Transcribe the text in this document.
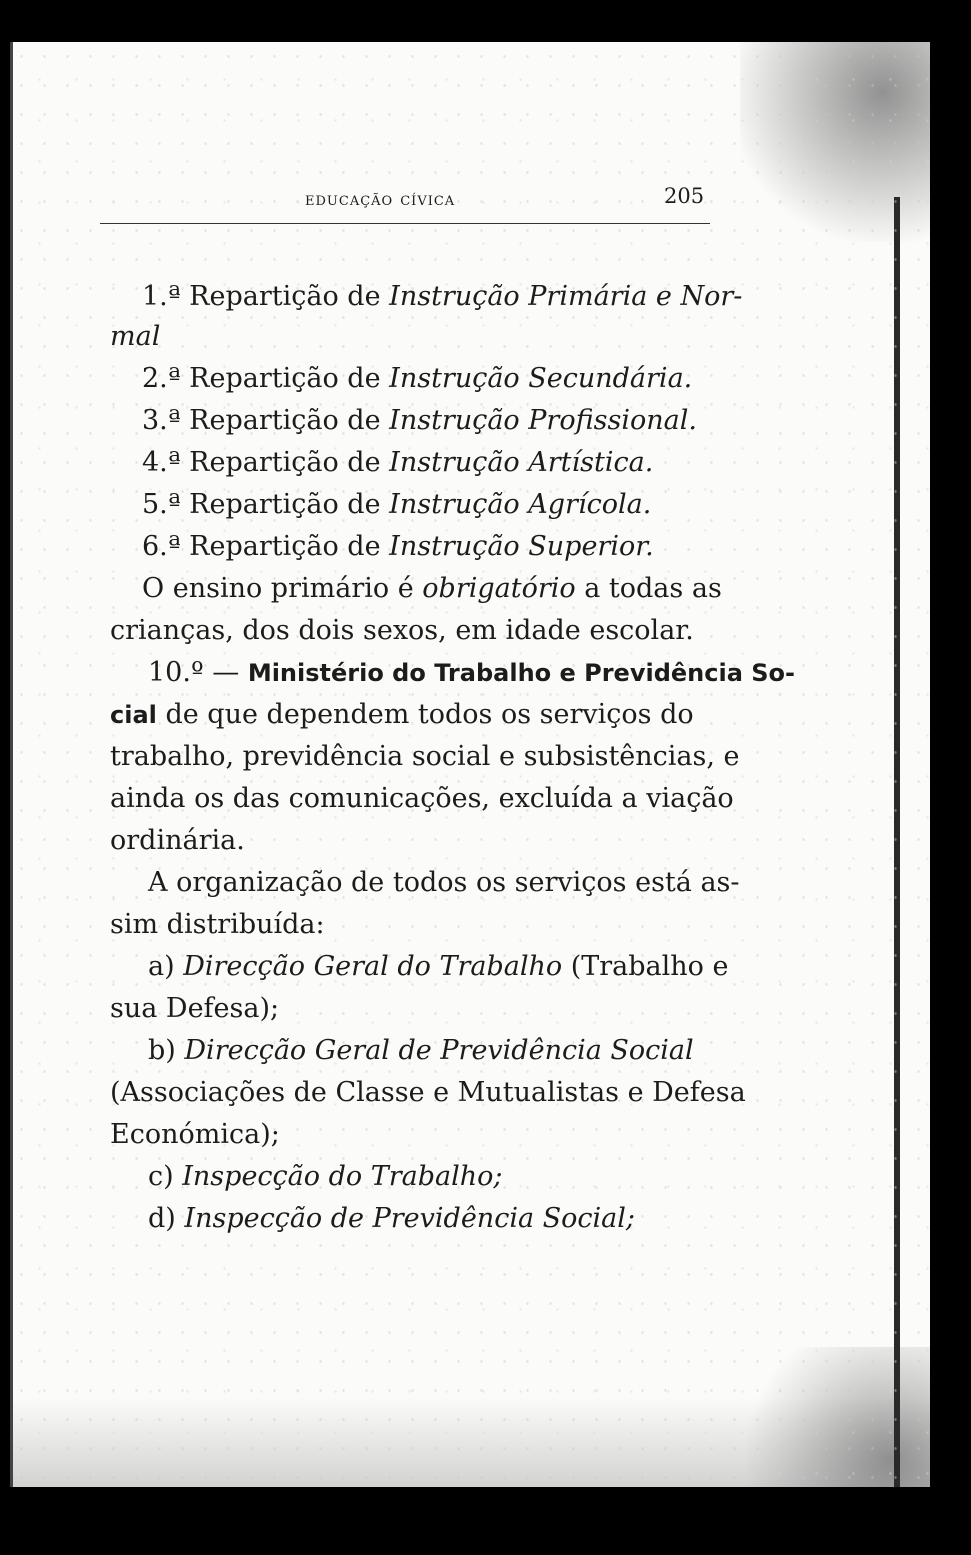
educação cívica	205
1.ª Repartição de Instrução Primária e Nor-
mal
2.ª Repartição de Instrução Secundária.
3.ª Repartição de Instrução Profissional.
4.ª Repartição de Instrução Artística.
5.ª Repartição de Instrução Agrícola.
6.ª Repartição de Instrução Superior.
O ensino primário é obrigatório a todas as
crianças, dos dois sexos, em idade escolar.
10.º — Ministério do Trabalho e Previdência So-
cial de que dependem todos os serviços do
trabalho, previdência social e subsistências, e
ainda os das comunicações, excluída a viação
ordinária.
A organização de todos os serviços está as-
sim distribuída:
a) Direcção Geral do Trabalho (Trabalho e
sua Defesa);
b) Direcção Geral de Previdência Social
(Associações de Classe e Mutualistas e Defesa
Económica);
c) Inspecção do Trabalho;
d) Inspecção de Previdência Social;
